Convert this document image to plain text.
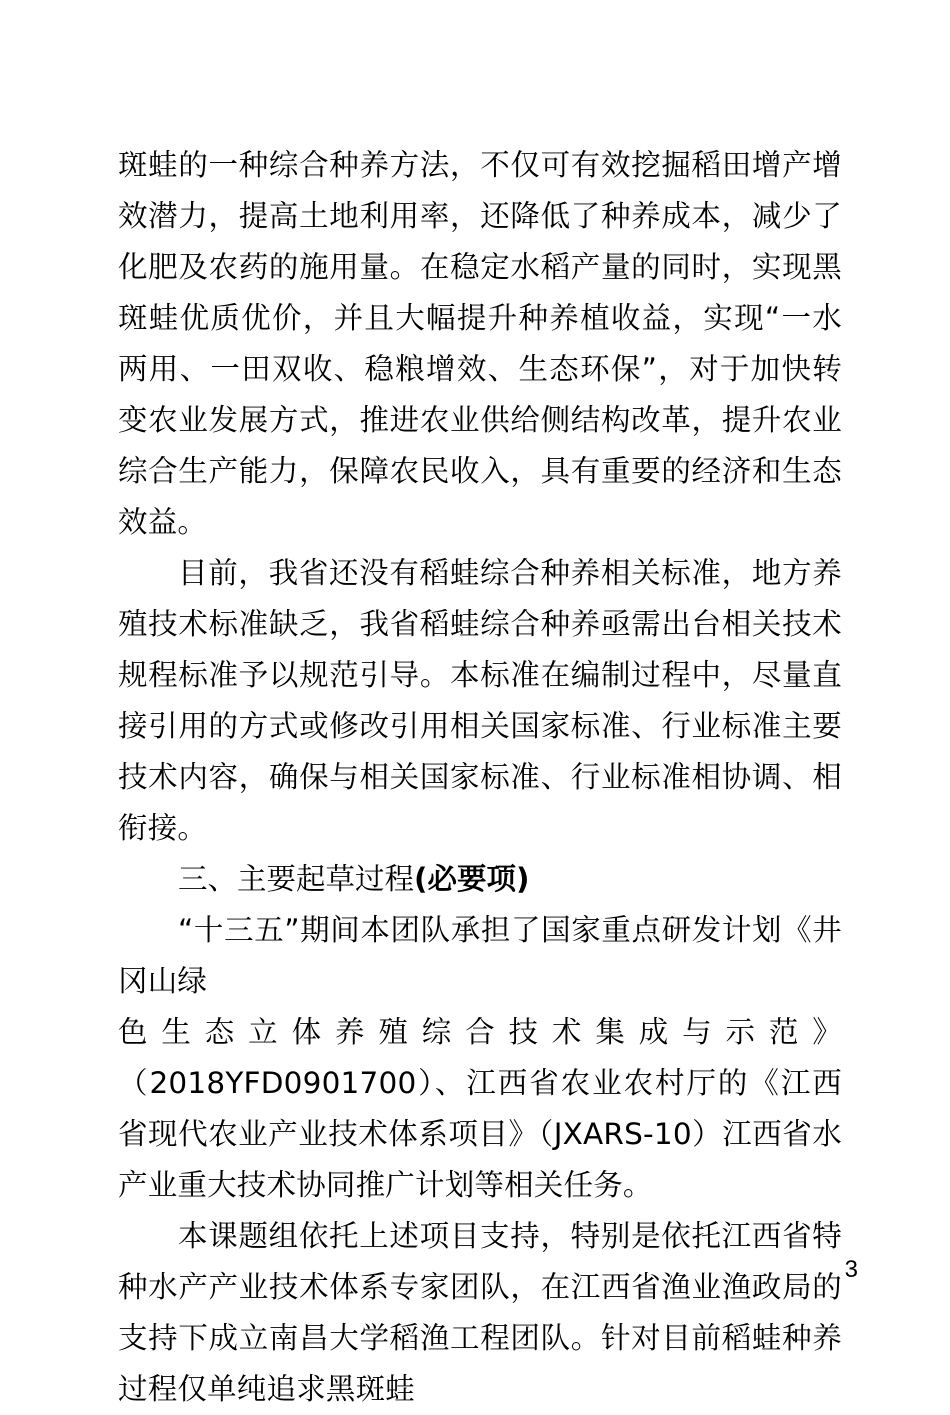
斑蛙的一种综合种养方法，不仅可有效挖掘稻田增产增效潜力，提高土地利用率，还降低了种养成本，减少了化肥及农药的施用量。在稳定水稻产量的同时，实现黑斑蛙优质优价，并且大幅提升种养植收益，实现“一水两用、一田双收、稳粮增效、生态环保”，对于加快转变农业发展方式，推进农业供给侧结构改革，提升农业综合生产能力，保障农民收入，具有重要的经济和生态效益。

目前，我省还没有稻蛙综合种养相关标准，地方养殖技术标准缺乏，我省稻蛙综合种养亟需出台相关技术规程标准予以规范引导。本标准在编制过程中，尽量直接引用的方式或修改引用相关国家标准、行业标准主要技术内容，确保与相关国家标准、行业标准相协调、相衔接。

三、主要起草过程(必要项)

“十三五”期间本团队承担了国家重点研发计划《井冈山绿

色生态立体养殖综合技术集成与示范》

（2018YFD0901700）、江西省农业农村厅的《江西省现代农业产业技术体系项目》（JXARS-10）江西省水产业重大技术协同推广计划等相关任务。

本课题组依托上述项目支持，特别是依托江西省特种水产产业技术体系专家团队，在江西省渔业渔政局的支持下成立南昌大学稻渔工程团队。针对目前稻蛙种养过程仅单纯追求黑斑蛙

3
